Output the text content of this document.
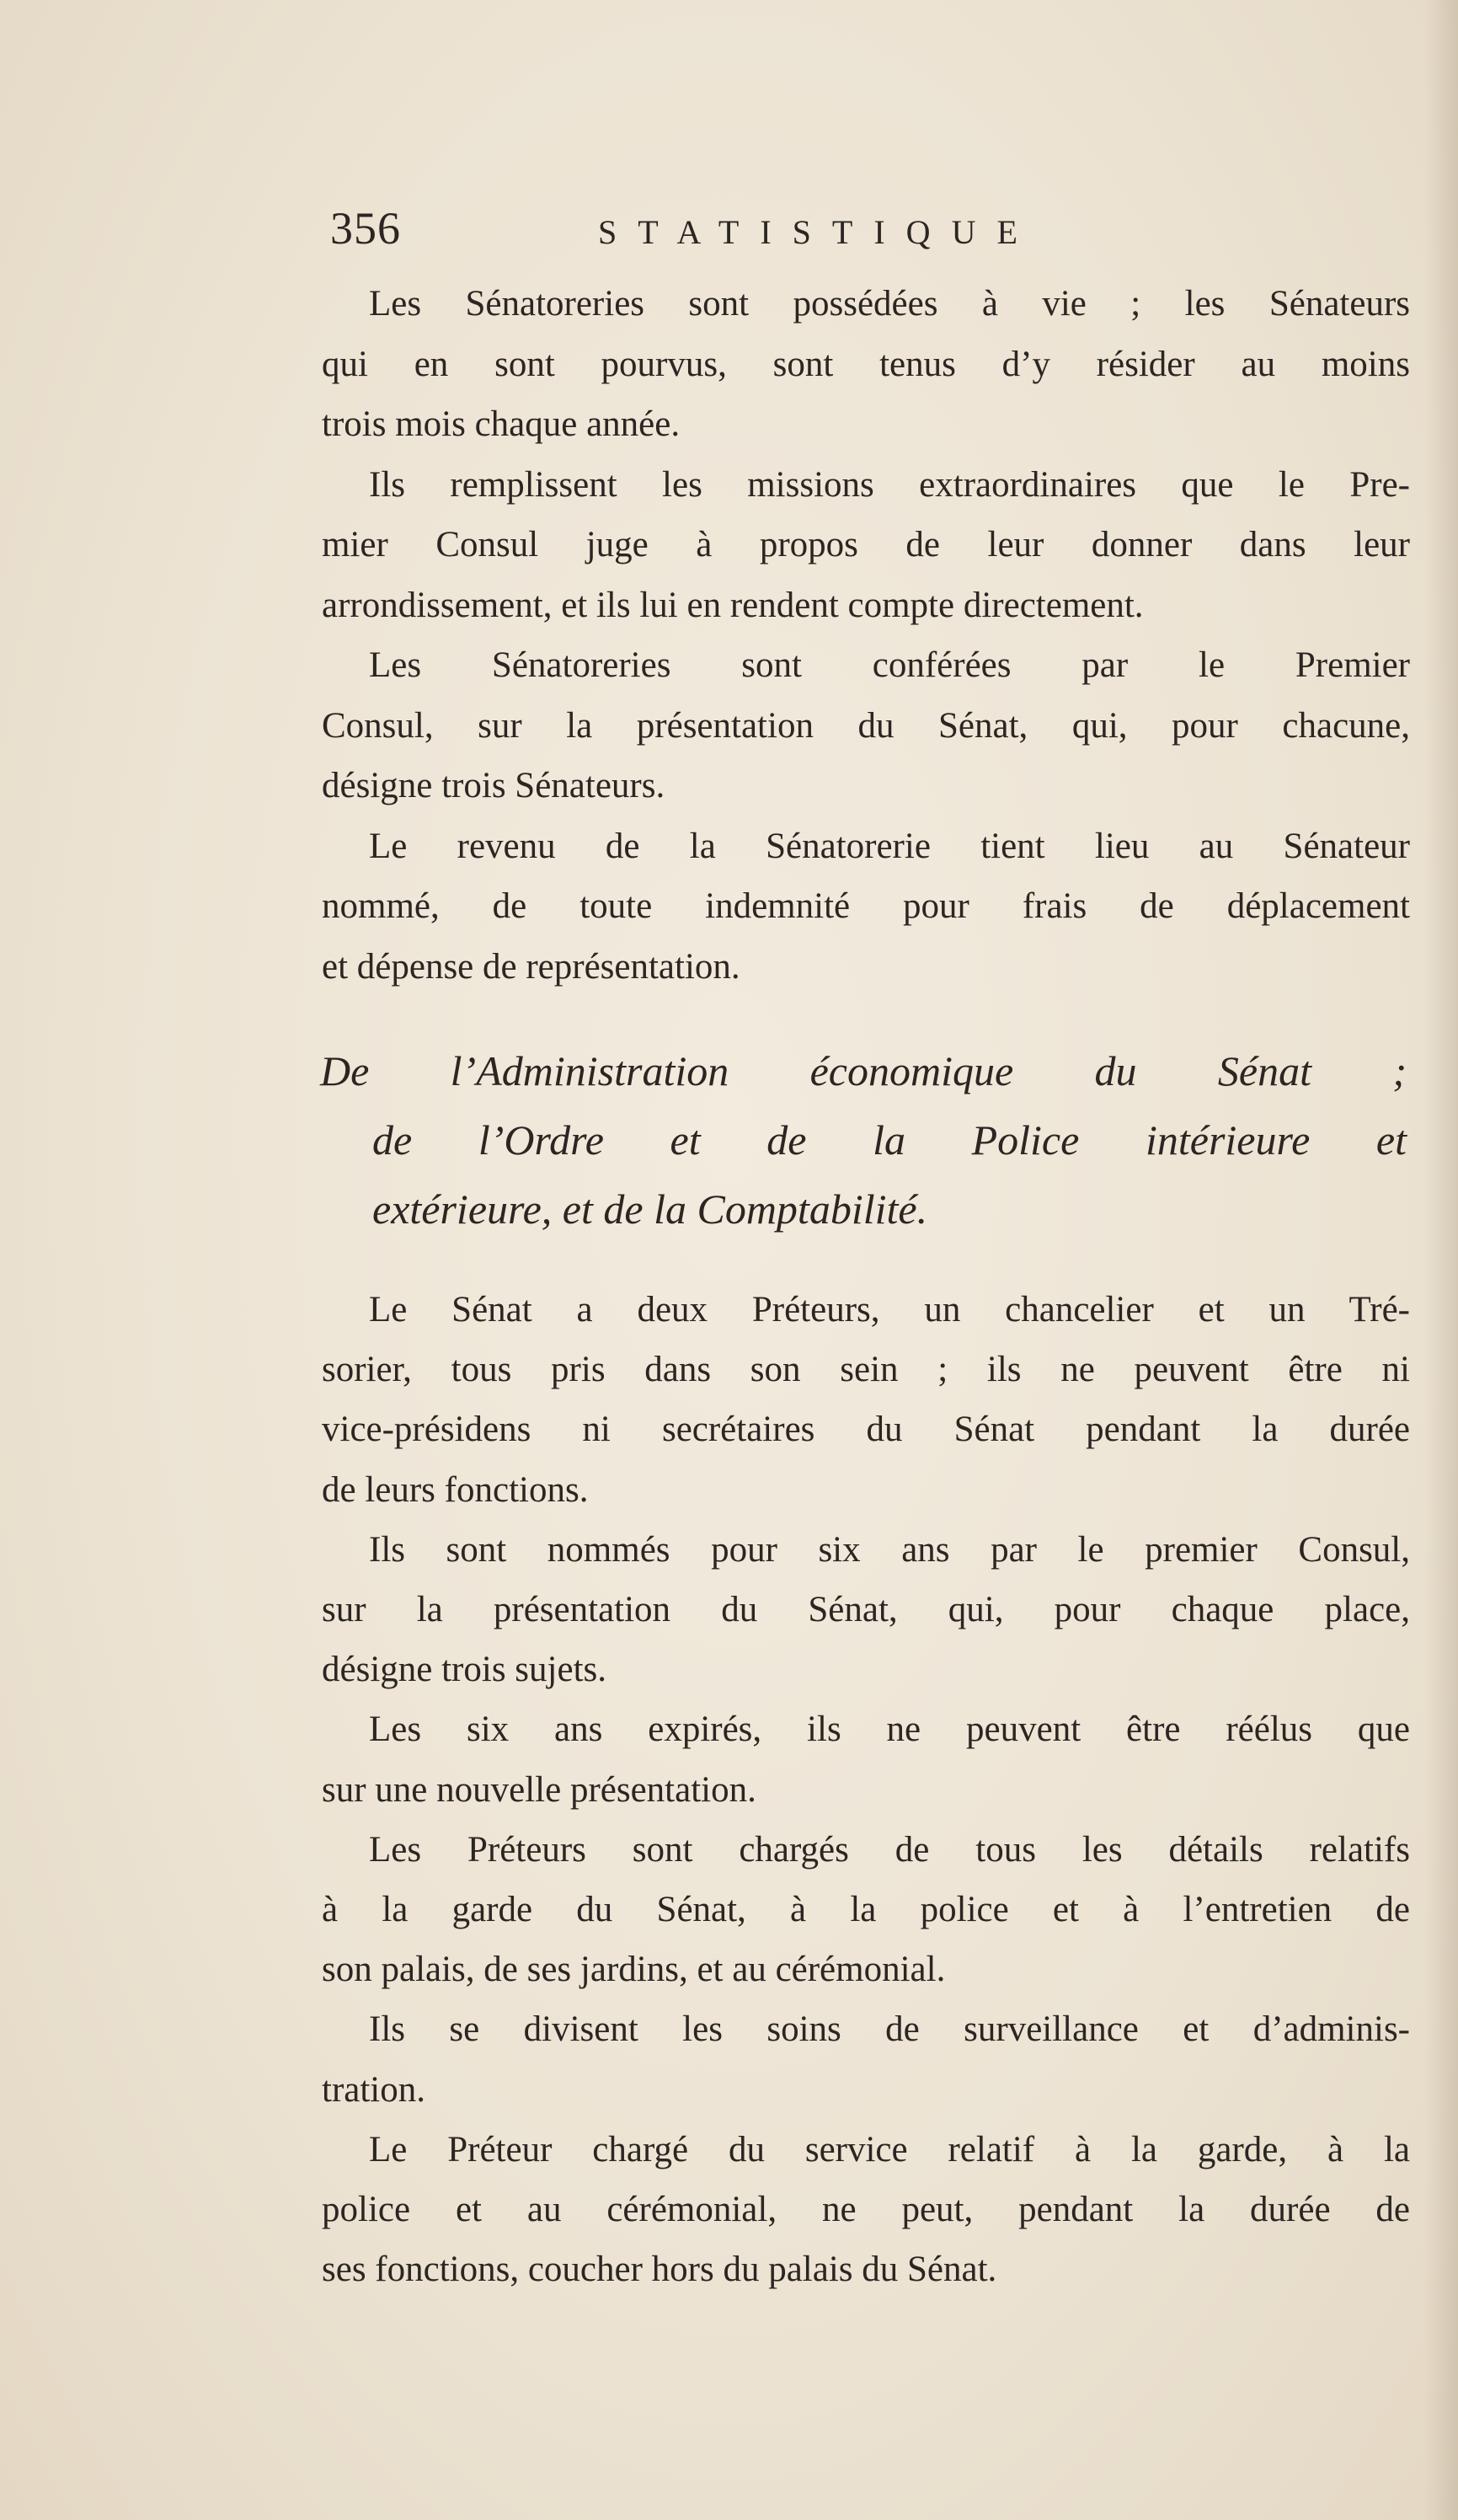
356	STATISTIQUE
Les Sénatoreries sont possédées à vie ; les Sénateurs
qui en sont pourvus, sont tenus d’y résider au moins
trois mois chaque année.
Ils remplissent les missions extraordinaires que le Pre-
mier Consul juge à propos de leur donner dans leur
arrondissement, et ils lui en rendent compte directement.
Les Sénatoreries sont conférées par le Premier
Consul, sur la présentation du Sénat, qui, pour chacune,
désigne trois Sénateurs.
Le revenu de la Sénatorerie tient lieu au Sénateur
nommé, de toute indemnité pour frais de déplacement
et dépense de représentation.
De l’Administration économique du Sénat ;
de l’Ordre et de la Police intérieure et
extérieure, et de la Comptabilité.
Le Sénat a deux Préteurs, un chancelier et un Tré-
sorier, tous pris dans son sein ; ils ne peuvent être ni
vice-présidens ni secrétaires du Sénat pendant la durée
de leurs fonctions.
Ils sont nommés pour six ans par le premier Consul,
sur la présentation du Sénat, qui, pour chaque place,
désigne trois sujets.
Les six ans expirés, ils ne peuvent être réélus que
sur une nouvelle présentation.
Les Préteurs sont chargés de tous les détails relatifs
à la garde du Sénat, à la police et à l’entretien de
son palais, de ses jardins, et au cérémonial.
Ils se divisent les soins de surveillance et d’adminis-
tration.
Le Préteur chargé du service relatif à la garde, à la
police et au cérémonial, ne peut, pendant la durée de
ses fonctions, coucher hors du palais du Sénat.
